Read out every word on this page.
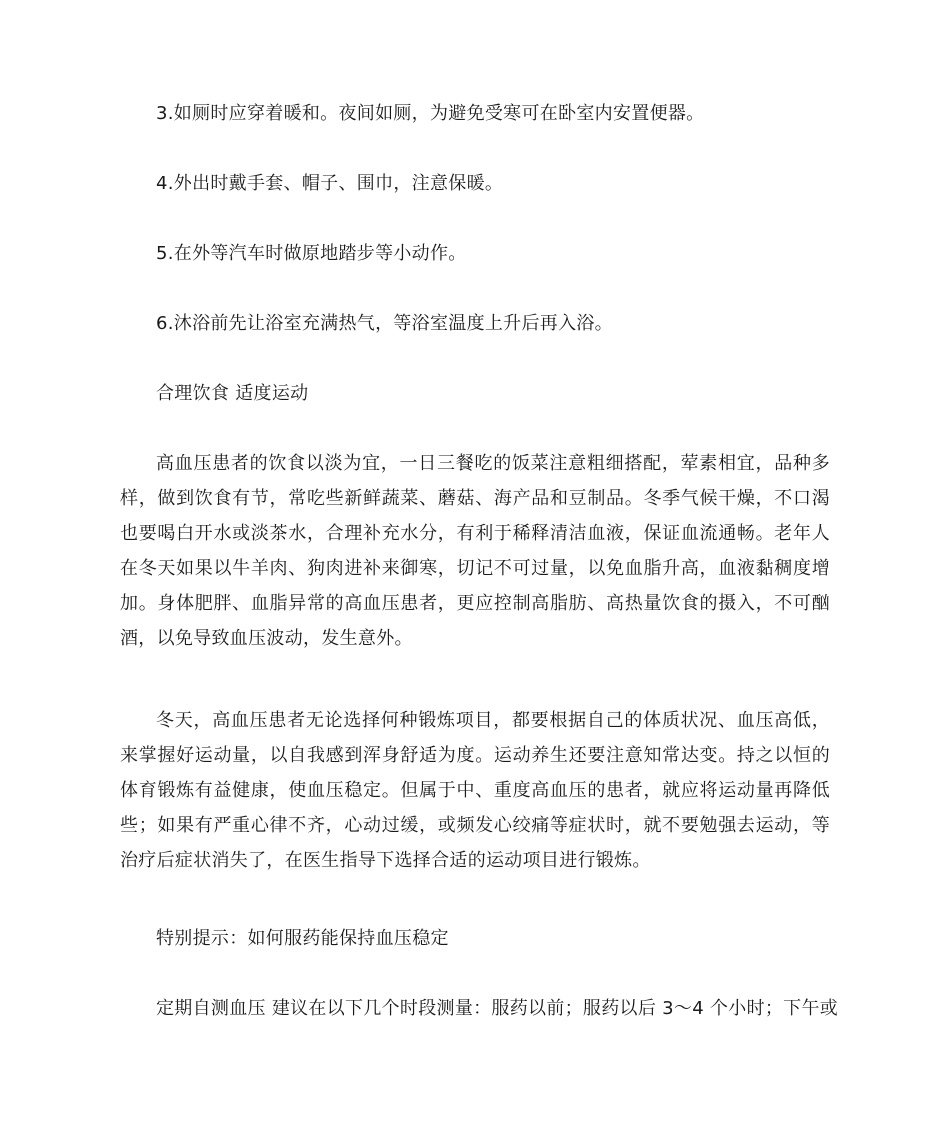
3.如厕时应穿着暖和。夜间如厕，为避免受寒可在卧室内安置便器。

4.外出时戴手套、帽子、围巾，注意保暖。

5.在外等汽车时做原地踏步等小动作。

6.沐浴前先让浴室充满热气，等浴室温度上升后再入浴。

合理饮食 适度运动

高血压患者的饮食以淡为宜，一日三餐吃的饭菜注意粗细搭配，荤素相宜，品种多样，做到饮食有节，常吃些新鲜蔬菜、蘑菇、海产品和豆制品。冬季气候干燥，不口渴也要喝白开水或淡茶水，合理补充水分，有利于稀释清洁血液，保证血流通畅。老年人在冬天如果以牛羊肉、狗肉进补来御寒，切记不可过量，以免血脂升高，血液黏稠度增加。身体肥胖、血脂异常的高血压患者，更应控制高脂肪、高热量饮食的摄入，不可酗酒，以免导致血压波动，发生意外。

冬天，高血压患者无论选择何种锻炼项目，都要根据自己的体质状况、血压高低，来掌握好运动量，以自我感到浑身舒适为度。运动养生还要注意知常达变。持之以恒的体育锻炼有益健康，使血压稳定。但属于中、重度高血压的患者，就应将运动量再降低些；如果有严重心律不齐，心动过缓，或频发心绞痛等症状时，就不要勉强去运动，等治疗后症状消失了，在医生指导下选择合适的运动项目进行锻炼。

特别提示：如何服药能保持血压稳定

定期自测血压 建议在以下几个时段测量：服药以前；服药以后 3～4 个小时；下午或
